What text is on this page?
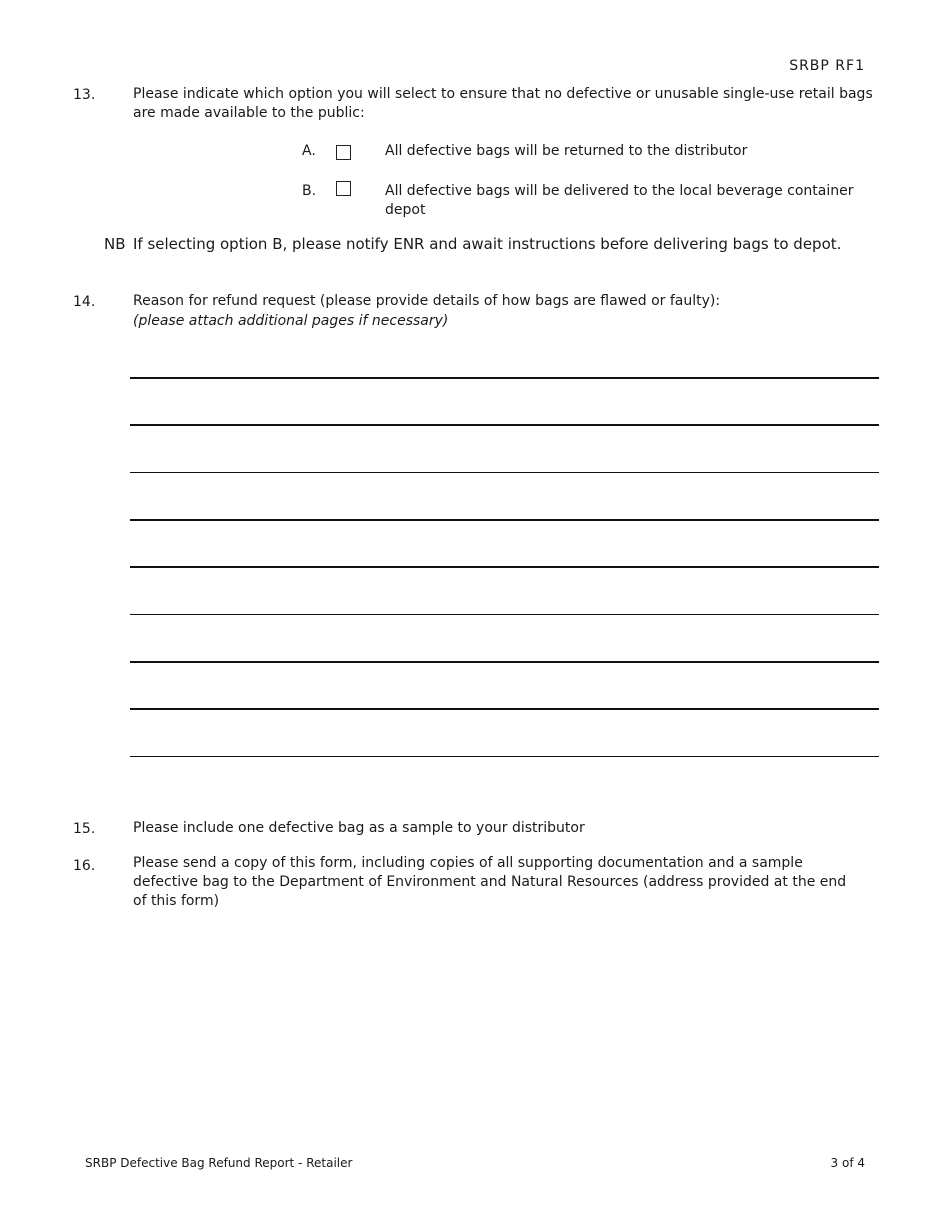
SRBP RF1
13.	Please indicate which option you will select to ensure that no defective or unusable single-use retail bags are made available to the public:
A.	All defective bags will be returned to the distributor
B.	All defective bags will be delivered to the local beverage container depot
NB If selecting option B, please notify ENR and await instructions before delivering bags to depot.
14.	Reason for refund request (please provide details of how bags are flawed or faulty):
(please attach additional pages if necessary)
15.	Please include one defective bag as a sample to your distributor
16.	Please send a copy of this form, including copies of all supporting documentation and a sample defective bag to the Department of Environment and Natural Resources (address provided at the end of this form)
SRBP Defective Bag Refund Report - Retailer	3 of 4
